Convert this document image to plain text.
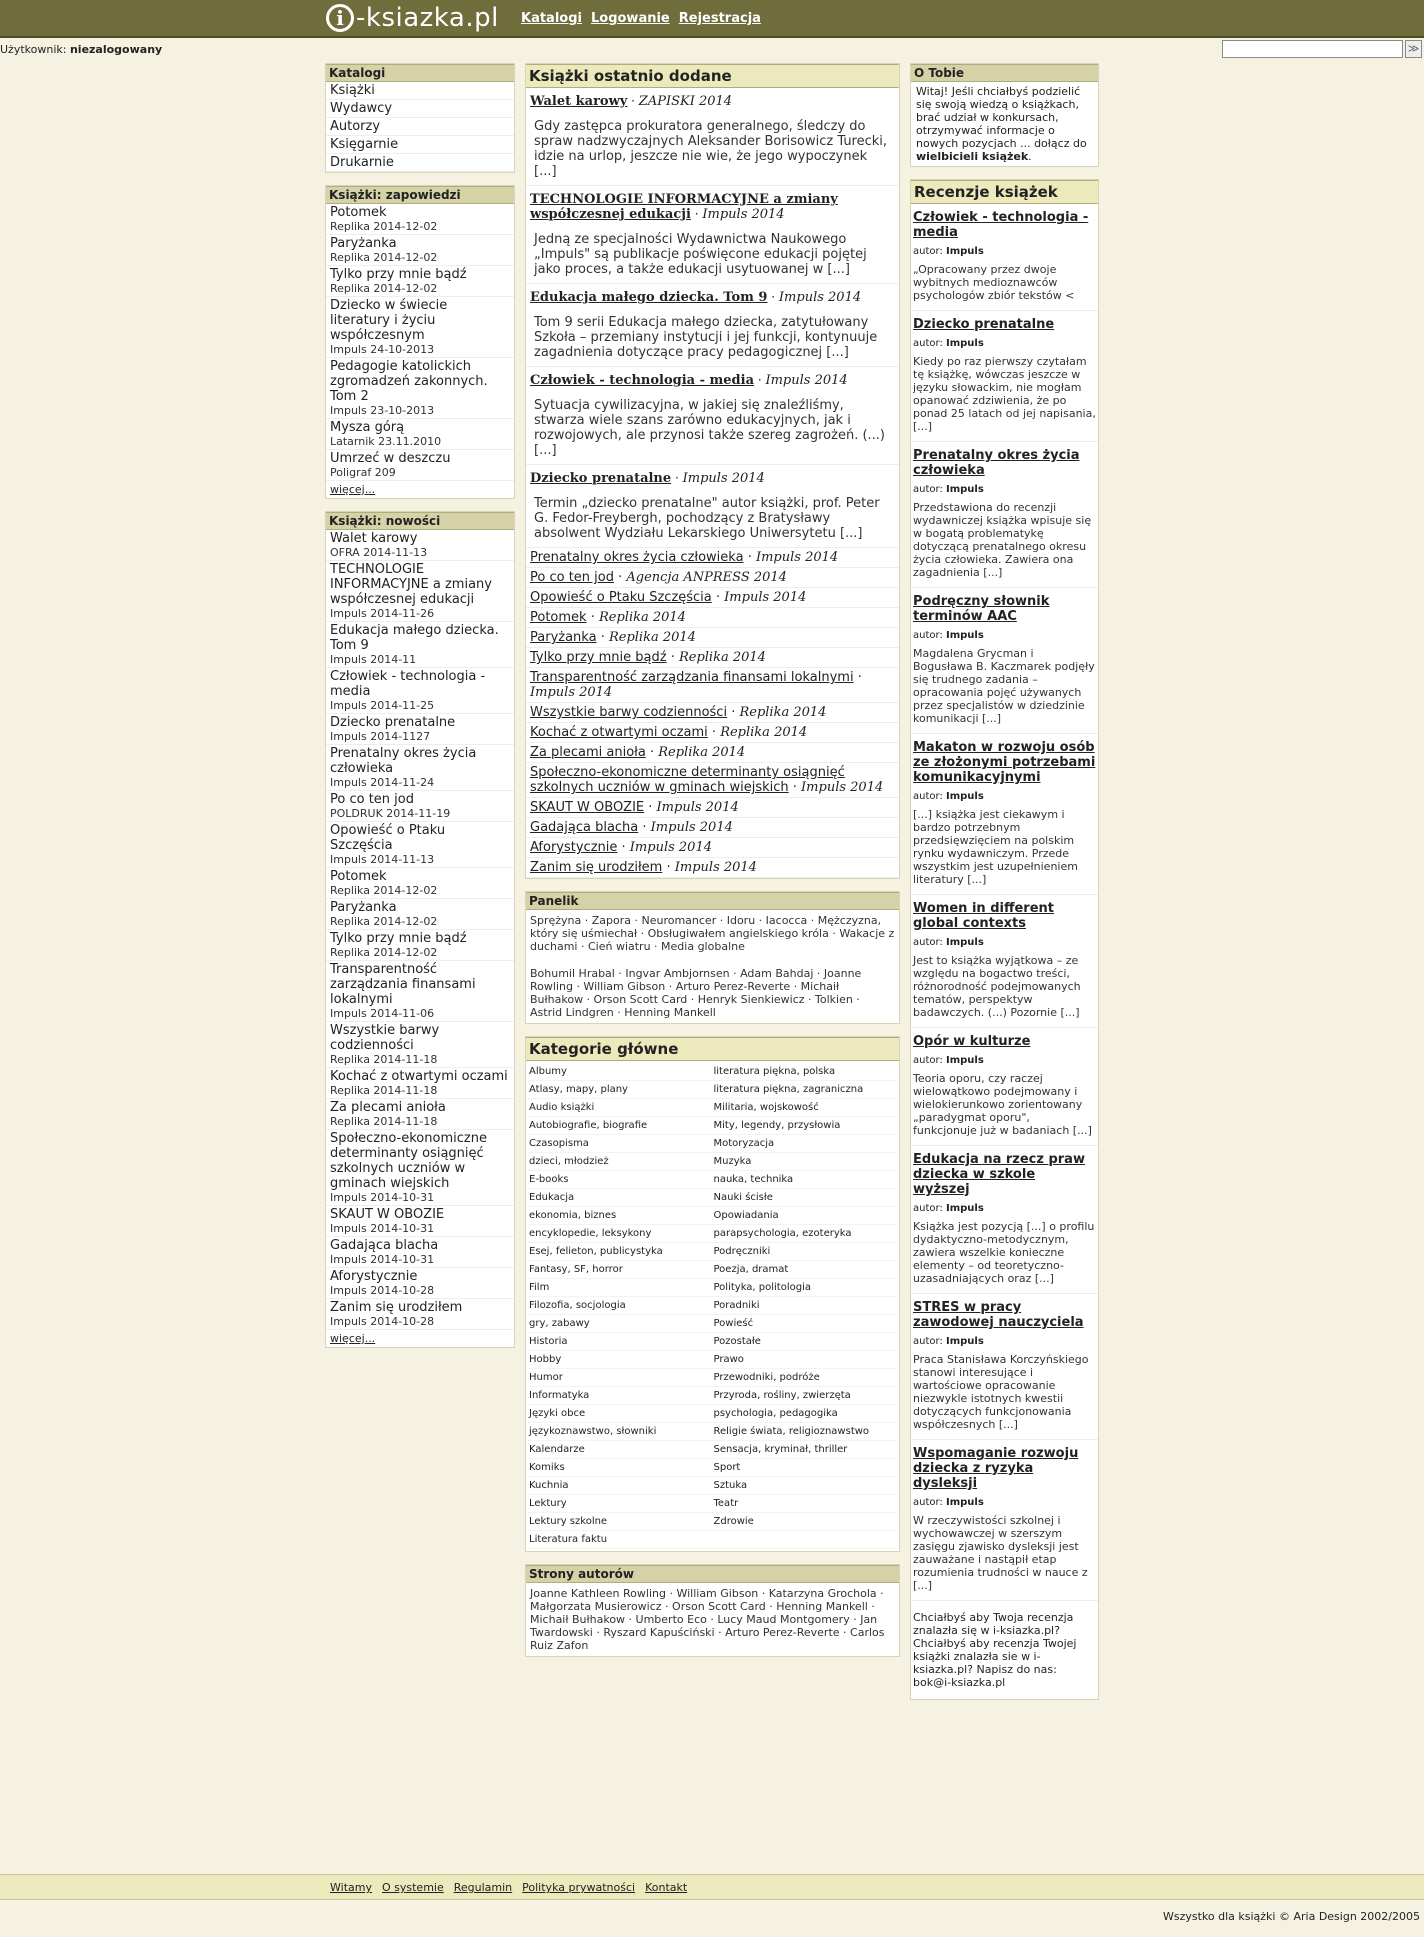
i -ksiazka.pl Katalogi Logowanie Rejestracja
Użytkownik: niezalogowany	≫
Katalogi
Książki
Wydawcy
Autorzy
Księgarnie
Drukarnie
Książki: zapowiedzi
Potomek
Replika 2014-12-02
Paryżanka
Replika 2014-12-02
Tylko przy mnie bądź
Replika 2014-12-02
Dziecko w świecie literatury i życiu współczesnym
Impuls 24-10-2013
Pedagogie katolickich zgromadzeń zakonnych. Tom 2
Impuls 23-10-2013
Mysza górą
Latarnik 23.11.2010
Umrzeć w deszczu
Poligraf 209
więcej...
Książki: nowości
Walet karowy
OFRA 2014-11-13
TECHNOLOGIE INFORMACYJNE a zmiany współczesnej edukacji
Impuls 2014-11-26
Edukacja małego dziecka. Tom 9
Impuls 2014-11
Człowiek - technologia - media
Impuls 2014-11-25
Dziecko prenatalne
Impuls 2014-1127
Prenatalny okres życia człowieka
Impuls 2014-11-24
Po co ten jod
POLDRUK 2014-11-19
Opowieść o Ptaku Szczęścia
Impuls 2014-11-13
Potomek
Replika 2014-12-02
Paryżanka
Replika 2014-12-02
Tylko przy mnie bądź
Replika 2014-12-02
Transparentność zarządzania finansami lokalnymi
Impuls 2014-11-06
Wszystkie barwy codzienności
Replika 2014-11-18
Kochać z otwartymi oczami
Replika 2014-11-18
Za plecami anioła
Replika 2014-11-18
Społeczno-ekonomiczne determinanty osiągnięć szkolnych uczniów w gminach wiejskich
Impuls 2014-10-31
SKAUT W OBOZIE
Impuls 2014-10-31
Gadająca blacha
Impuls 2014-10-31
Aforystycznie
Impuls 2014-10-28
Zanim się urodziłem
Impuls 2014-10-28
więcej...
Książki ostatnio dodane
Walet karowy · ZAPISKI 2014
Gdy zastępca prokuratora generalnego, śledczy do spraw nadzwyczajnych Aleksander Borisowicz Turecki, idzie na urlop, jeszcze nie wie, że jego wypoczynek [...]
TECHNOLOGIE INFORMACYJNE a zmiany współczesnej edukacji · Impuls 2014
Jedną ze specjalności Wydawnictwa Naukowego „Impuls" są publikacje poświęcone edukacji pojętej jako proces, a także edukacji usytuowanej w [...]
Edukacja małego dziecka. Tom 9 · Impuls 2014
Tom 9 serii Edukacja małego dziecka, zatytułowany Szkoła – przemiany instytucji i jej funkcji, kontynuuje zagadnienia dotyczące pracy pedagogicznej [...]
Człowiek - technologia - media · Impuls 2014
Sytuacja cywilizacyjna, w jakiej się znaleźliśmy, stwarza wiele szans zarówno edukacyjnych, jak i rozwojowych, ale przynosi także szereg zagrożeń. (...) [...]
Dziecko prenatalne · Impuls 2014
Termin „dziecko prenatalne" autor książki, prof. Peter G. Fedor-Freybergh, pochodzący z Bratysławy absolwent Wydziału Lekarskiego Uniwersytetu [...]
Prenatalny okres życia człowieka · Impuls 2014
Po co ten jod · Agencja ANPRESS 2014
Opowieść o Ptaku Szczęścia · Impuls 2014
Potomek · Replika 2014
Paryżanka · Replika 2014
Tylko przy mnie bądź · Replika 2014
Transparentność zarządzania finansami lokalnymi · Impuls 2014
Wszystkie barwy codzienności · Replika 2014
Kochać z otwartymi oczami · Replika 2014
Za plecami anioła · Replika 2014
Społeczno-ekonomiczne determinanty osiągnięć szkolnych uczniów w gminach wiejskich · Impuls 2014
SKAUT W OBOZIE · Impuls 2014
Gadająca blacha · Impuls 2014
Aforystycznie · Impuls 2014
Zanim się urodziłem · Impuls 2014
Panelik
Sprężyna · Zapora · Neuromancer · Idoru · Iacocca · Mężczyzna, który się uśmiechał · Obsługiwałem angielskiego króla · Wakacje z duchami · Cień wiatru · Media globalne
Bohumil Hrabal · Ingvar Ambjornsen · Adam Bahdaj · Joanne Rowling · William Gibson · Arturo Perez-Reverte · Michaił Bułhakow · Orson Scott Card · Henryk Sienkiewicz · Tolkien · Astrid Lindgren · Henning Mankell
Kategorie główne
Albumy	literatura piękna, polska
Atlasy, mapy, plany	literatura piękna, zagraniczna
Audio książki	Militaria, wojskowość
Autobiografie, biografie	Mity, legendy, przysłowia
Czasopisma	Motoryzacja
dzieci, młodzież	Muzyka
E-books	nauka, technika
Edukacja	Nauki ścisłe
ekonomia, biznes	Opowiadania
encyklopedie, leksykony	parapsychologia, ezoteryka
Esej, felieton, publicystyka	Podręczniki
Fantasy, SF, horror	Poezja, dramat
Film	Polityka, politologia
Filozofia, socjologia	Poradniki
gry, zabawy	Powieść
Historia	Pozostałe
Hobby	Prawo
Humor	Przewodniki, podróże
Informatyka	Przyroda, rośliny, zwierzęta
Języki obce	psychologia, pedagogika
językoznawstwo, słowniki	Religie świata, religioznawstwo
Kalendarze	Sensacja, kryminał, thriller
Komiks	Sport
Kuchnia	Sztuka
Lektury	Teatr
Lektury szkolne	Zdrowie
Literatura faktu
Strony autorów
Joanne Kathleen Rowling · William Gibson · Katarzyna Grochola · Małgorzata Musierowicz · Orson Scott Card · Henning Mankell · Michaił Bułhakow · Umberto Eco · Lucy Maud Montgomery · Jan Twardowski · Ryszard Kapuściński · Arturo Perez-Reverte · Carlos Ruiz Zafon
O Tobie
Witaj! Jeśli chciałbyś podzielić się swoją wiedzą o książkach, brać udział w konkursach, otrzymywać informacje o nowych pozycjach ... dołącz do wielbicieli książek.
Recenzje książek
Człowiek - technologia - media
autor: Impuls
„Opracowany przez dwoje wybitnych medioznawców psychologów zbiór tekstów <
Dziecko prenatalne
autor: Impuls
Kiedy po raz pierwszy czytałam tę książkę, wówczas jeszcze w języku słowackim, nie mogłam opanować zdziwienia, że po ponad 25 latach od jej napisania, [...]
Prenatalny okres życia człowieka
autor: Impuls
Przedstawiona do recenzji wydawniczej książka wpisuje się w bogatą problematykę dotyczącą prenatalnego okresu życia człowieka. Zawiera ona zagadnienia [...]
Podręczny słownik terminów AAC
autor: Impuls
Magdalena Grycman i Bogusława B. Kaczmarek podjęły się trudnego zadania – opracowania pojęć używanych przez specjalistów w dziedzinie komunikacji [...]
Makaton w rozwoju osób ze złożonymi potrzebami komunikacyjnymi
autor: Impuls
[...] książka jest ciekawym i bardzo potrzebnym przedsięwzięciem na polskim rynku wydawniczym. Przede wszystkim jest uzupełnieniem literatury [...]
Women in different global contexts
autor: Impuls
Jest to książka wyjątkowa – ze względu na bogactwo treści, różnorodność podejmowanych tematów, perspektyw badawczych. (...) Pozornie [...]
Opór w kulturze
autor: Impuls
Teoria oporu, czy raczej wielowątkowo podejmowany i wielokierunkowo zorientowany „paradygmat oporu", funkcjonuje już w badaniach [...]
Edukacja na rzecz praw dziecka w szkole wyższej
autor: Impuls
Książka jest pozycją [...] o profilu dydaktyczno-metodycznym, zawiera wszelkie konieczne elementy – od teoretyczno-uzasadniających oraz [...]
STRES w pracy zawodowej nauczyciela
autor: Impuls
Praca Stanisława Korczyńskiego stanowi interesujące i wartościowe opracowanie niezwykle istotnych kwestii dotyczących funkcjonowania współczesnych [...]
Wspomaganie rozwoju dziecka z ryzyka dysleksji
autor: Impuls
W rzeczywistości szkolnej i wychowawczej w szerszym zasięgu zjawisko dysleksji jest zauważane i nastąpił etap rozumienia trudności w nauce z [...]
Chciałbyś aby Twoja recenzja znalazła się w i-ksiazka.pl? Chciałbyś aby recenzja Twojej książki znalazła sie w i-ksiazka.pl? Napisz do nas: bok@i-ksiazka.pl
Witamy O systemie Regulamin Polityka prywatności Kontakt
Wszystko dla książki © Aria Design 2002/2005
